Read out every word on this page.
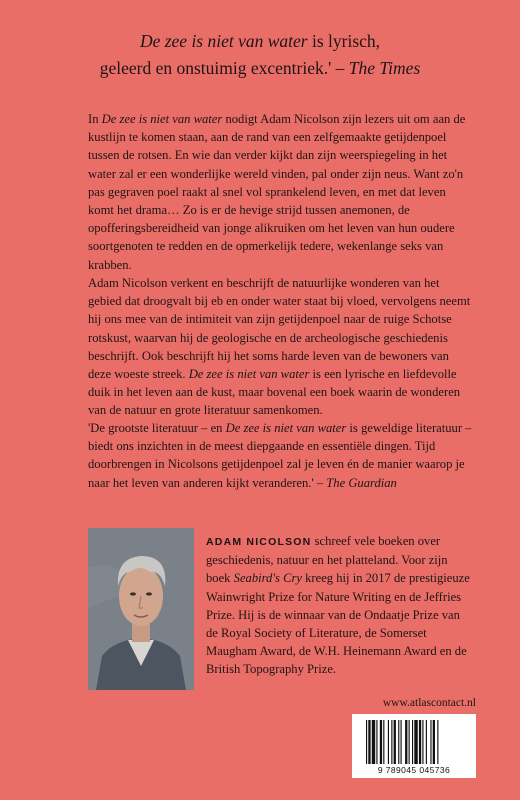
De zee is niet van water is lyrisch,
geleerd en onstuimig excentriek.' – The Times

In De zee is niet van water nodigt Adam Nicolson zijn lezers uit om aan de kustlijn te komen staan, aan de rand van een zelfgemaakte getijdenpoel tussen de rotsen. En wie dan verder kijkt dan zijn weerspiegeling in het water zal er een wonderlijke wereld vinden, pal onder zijn neus. Want zo'n pas gegraven poel raakt al snel vol sprankelend leven, en met dat leven komt het drama… Zo is er de hevige strijd tussen anemonen, de opofferingsbereidheid van jonge alikruiken om het leven van hun oudere soortgenoten te redden en de opmerkelijk tedere, wekenlange seks van krabben.

Adam Nicolson verkent en beschrijft de natuurlijke wonderen van het gebied dat droogvalt bij eb en onder water staat bij vloed, vervolgens neemt hij ons mee van de intimiteit van zijn getijdenpoel naar de ruige Schotse rotskust, waarvan hij de geologische en de archeologische geschiedenis beschrijft. Ook beschrijft hij het soms harde leven van de bewoners van deze woeste streek. De zee is niet van water is een lyrische en liefdevolle duik in het leven aan de kust, maar bovenal een boek waarin de wonderen van de natuur en grote literatuur samenkomen.

'De grootste literatuur – en De zee is niet van water is geweldige literatuur – biedt ons inzichten in de meest diepgaande en essentiële dingen. Tijd doorbrengen in Nicolsons getijdenpoel zal je leven én de manier waarop je naar het leven van anderen kijkt veranderen.' – The Guardian

ADAM NICOLSON schreef vele boeken over geschiedenis, natuur en het platteland. Voor zijn boek Seabird's Cry kreeg hij in 2017 de prestigieuze Wainwright Prize for Nature Writing en de Jeffries Prize. Hij is de winnaar van de Ondaatje Prize van de Royal Society of Literature, de Somerset Maugham Award, de W.H. Heinemann Award en de British Topography Prize.

www.atlascontact.nl
9 789045 045736
